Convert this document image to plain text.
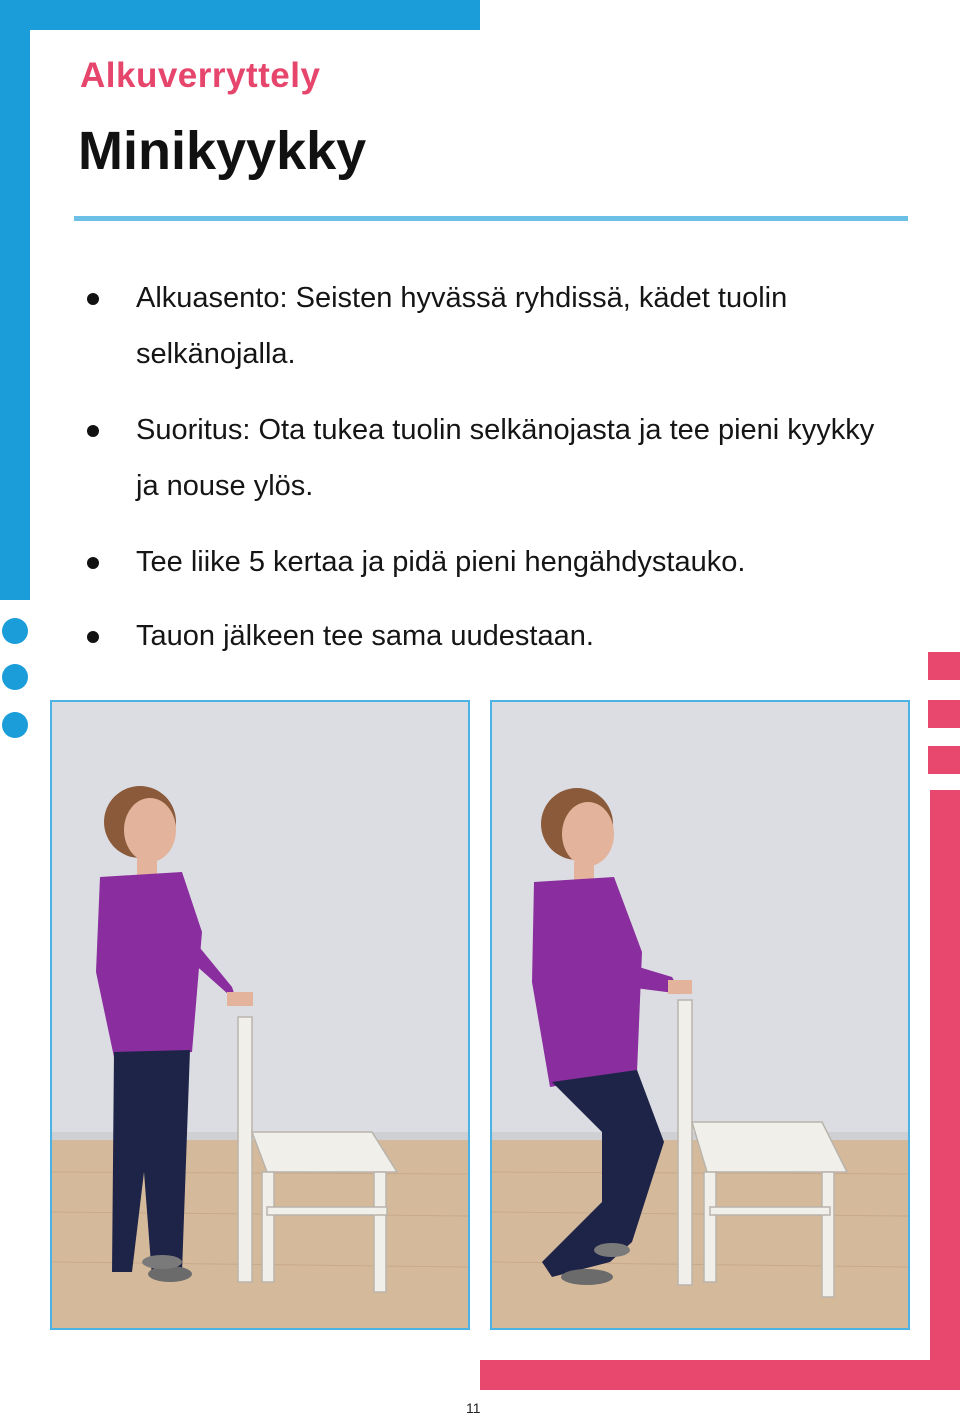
Alkuverryttely
Minikyykky
Alkuasento: Seisten hyvässä ryhdissä, kädet tuolin selkänojalla.
Suoritus: Ota tukea tuolin selkänojasta ja tee pieni kyykky ja nouse ylös.
Tee liike 5 kertaa ja pidä pieni hengähdystauko.
Tauon jälkeen tee sama uudestaan.
11
